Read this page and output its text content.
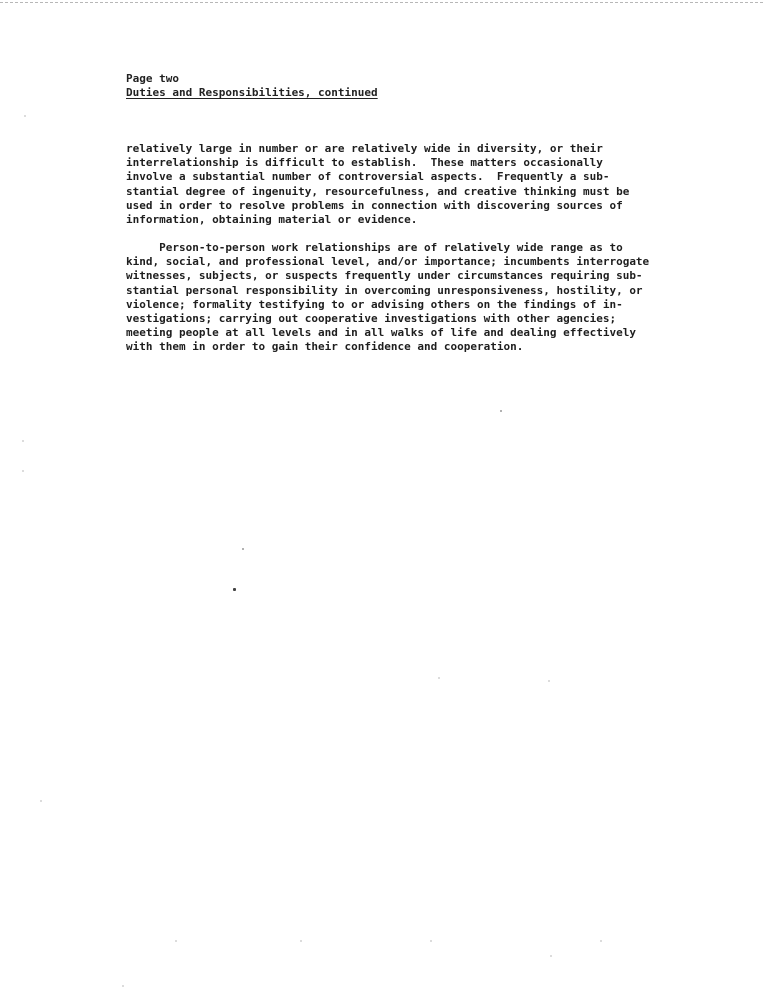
Page two
Duties and Responsibilities, continued
relatively large in number or are relatively wide in diversity, or their
interrelationship is difficult to establish.  These matters occasionally
involve a substantial number of controversial aspects.  Frequently a sub-
stantial degree of ingenuity, resourcefulness, and creative thinking must be
used in order to resolve problems in connection with discovering sources of
information, obtaining material or evidence.
Person-to-person work relationships are of relatively wide range as to
kind, social, and professional level, and/or importance; incumbents interrogate
witnesses, subjects, or suspects frequently under circumstances requiring sub-
stantial personal responsibility in overcoming unresponsiveness, hostility, or
violence; formality testifying to or advising others on the findings of in-
vestigations; carrying out cooperative investigations with other agencies;
meeting people at all levels and in all walks of life and dealing effectively
with them in order to gain their confidence and cooperation.
